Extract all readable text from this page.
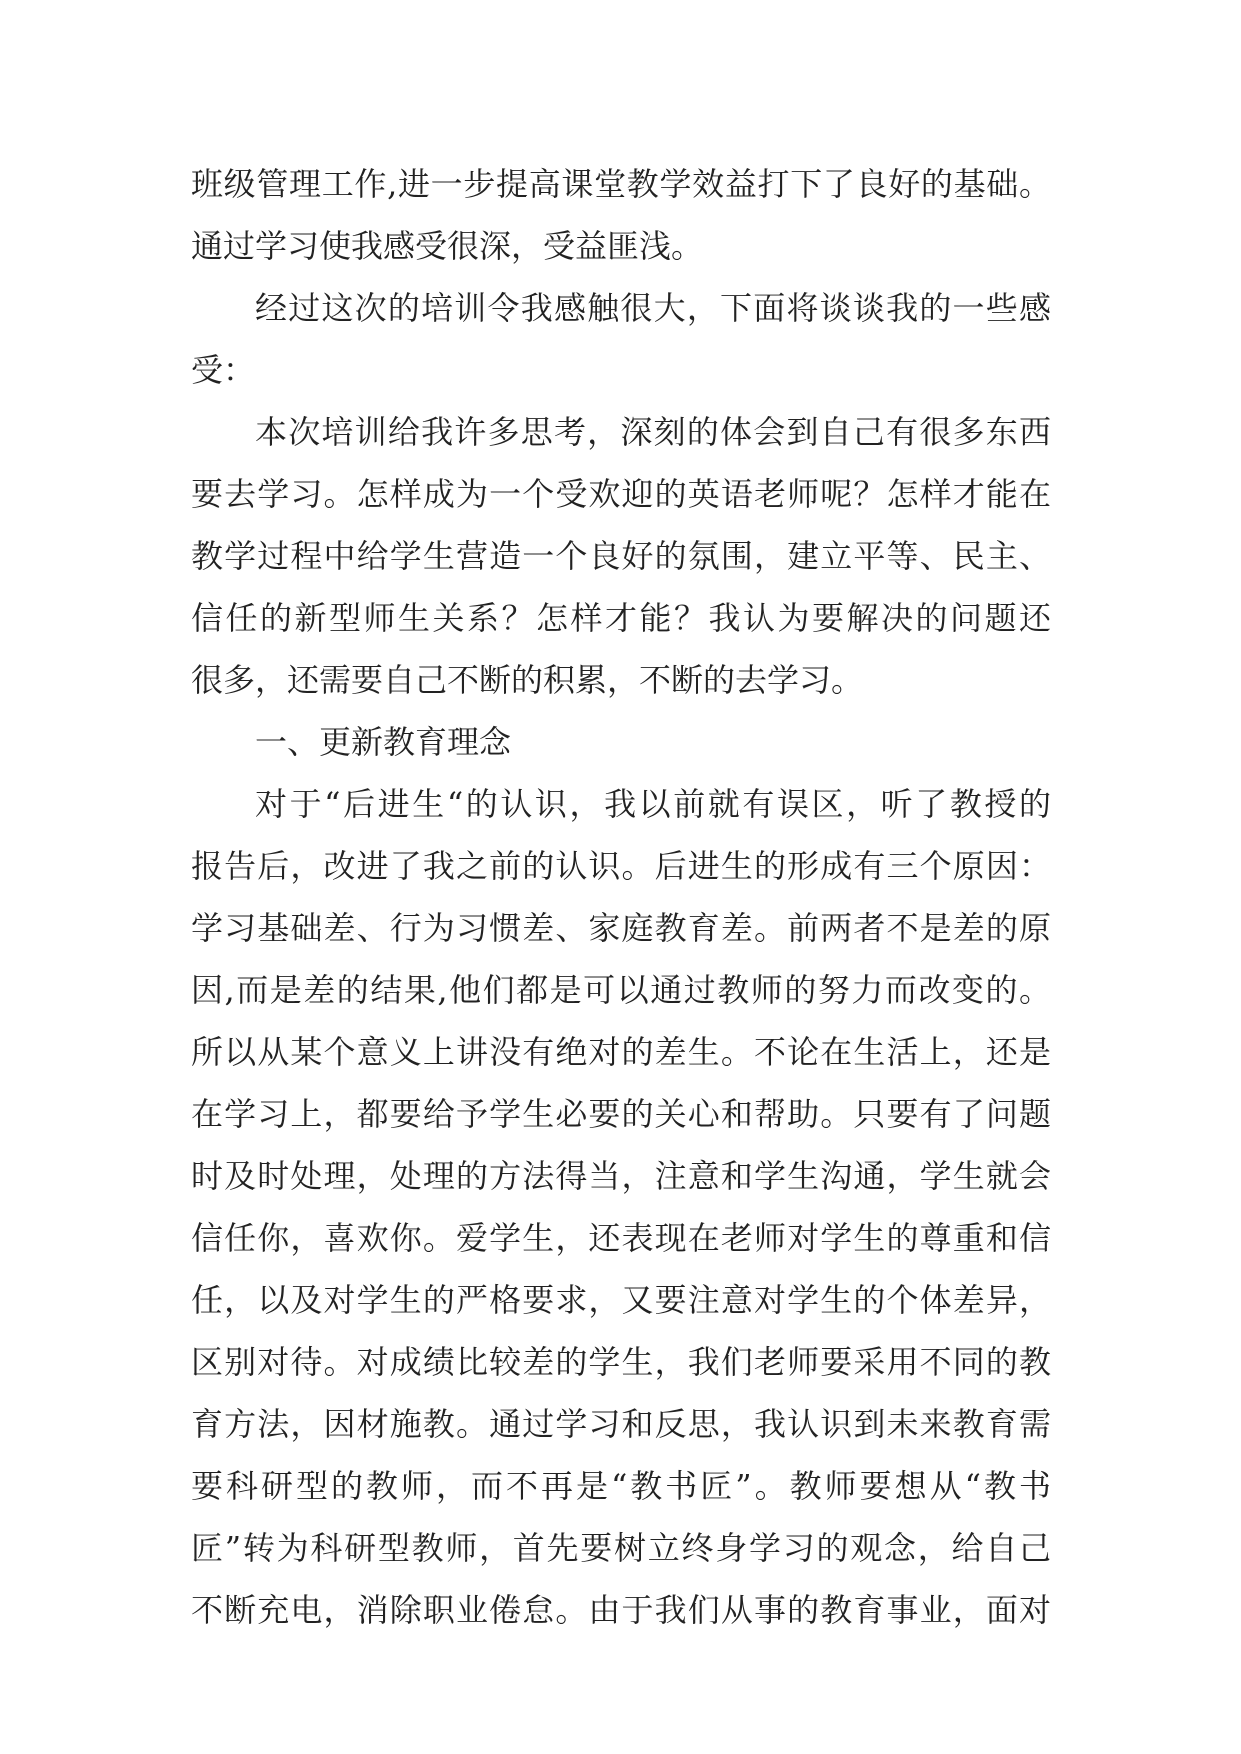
班级管理工作,进一步提高课堂教学效益打下了良好的基础。
通过学习使我感受很深，受益匪浅。
经过这次的培训令我感触很大，下面将谈谈我的一些感
受：
本次培训给我许多思考，深刻的体会到自己有很多东西
要去学习。怎样成为一个受欢迎的英语老师呢？怎样才能在
教学过程中给学生营造一个良好的氛围，建立平等、民主、
信任的新型师生关系？怎样才能？我认为要解决的问题还
很多，还需要自己不断的积累，不断的去学习。
一、更新教育理念
对于“后进生“的认识，我以前就有误区，听了教授的
报告后，改进了我之前的认识。后进生的形成有三个原因：
学习基础差、行为习惯差、家庭教育差。前两者不是差的原
因,而是差的结果,他们都是可以通过教师的努力而改变的。
所以从某个意义上讲没有绝对的差生。不论在生活上，还是
在学习上，都要给予学生必要的关心和帮助。只要有了问题
时及时处理，处理的方法得当，注意和学生沟通，学生就会
信任你，喜欢你。爱学生，还表现在老师对学生的尊重和信
任，以及对学生的严格要求，又要注意对学生的个体差异，
区别对待。对成绩比较差的学生，我们老师要采用不同的教
育方法，因材施教。通过学习和反思，我认识到未来教育需
要科研型的教师，而不再是“教书匠”。教师要想从“教书
匠”转为科研型教师，首先要树立终身学习的观念，给自己
不断充电，消除职业倦怠。由于我们从事的教育事业，面对
